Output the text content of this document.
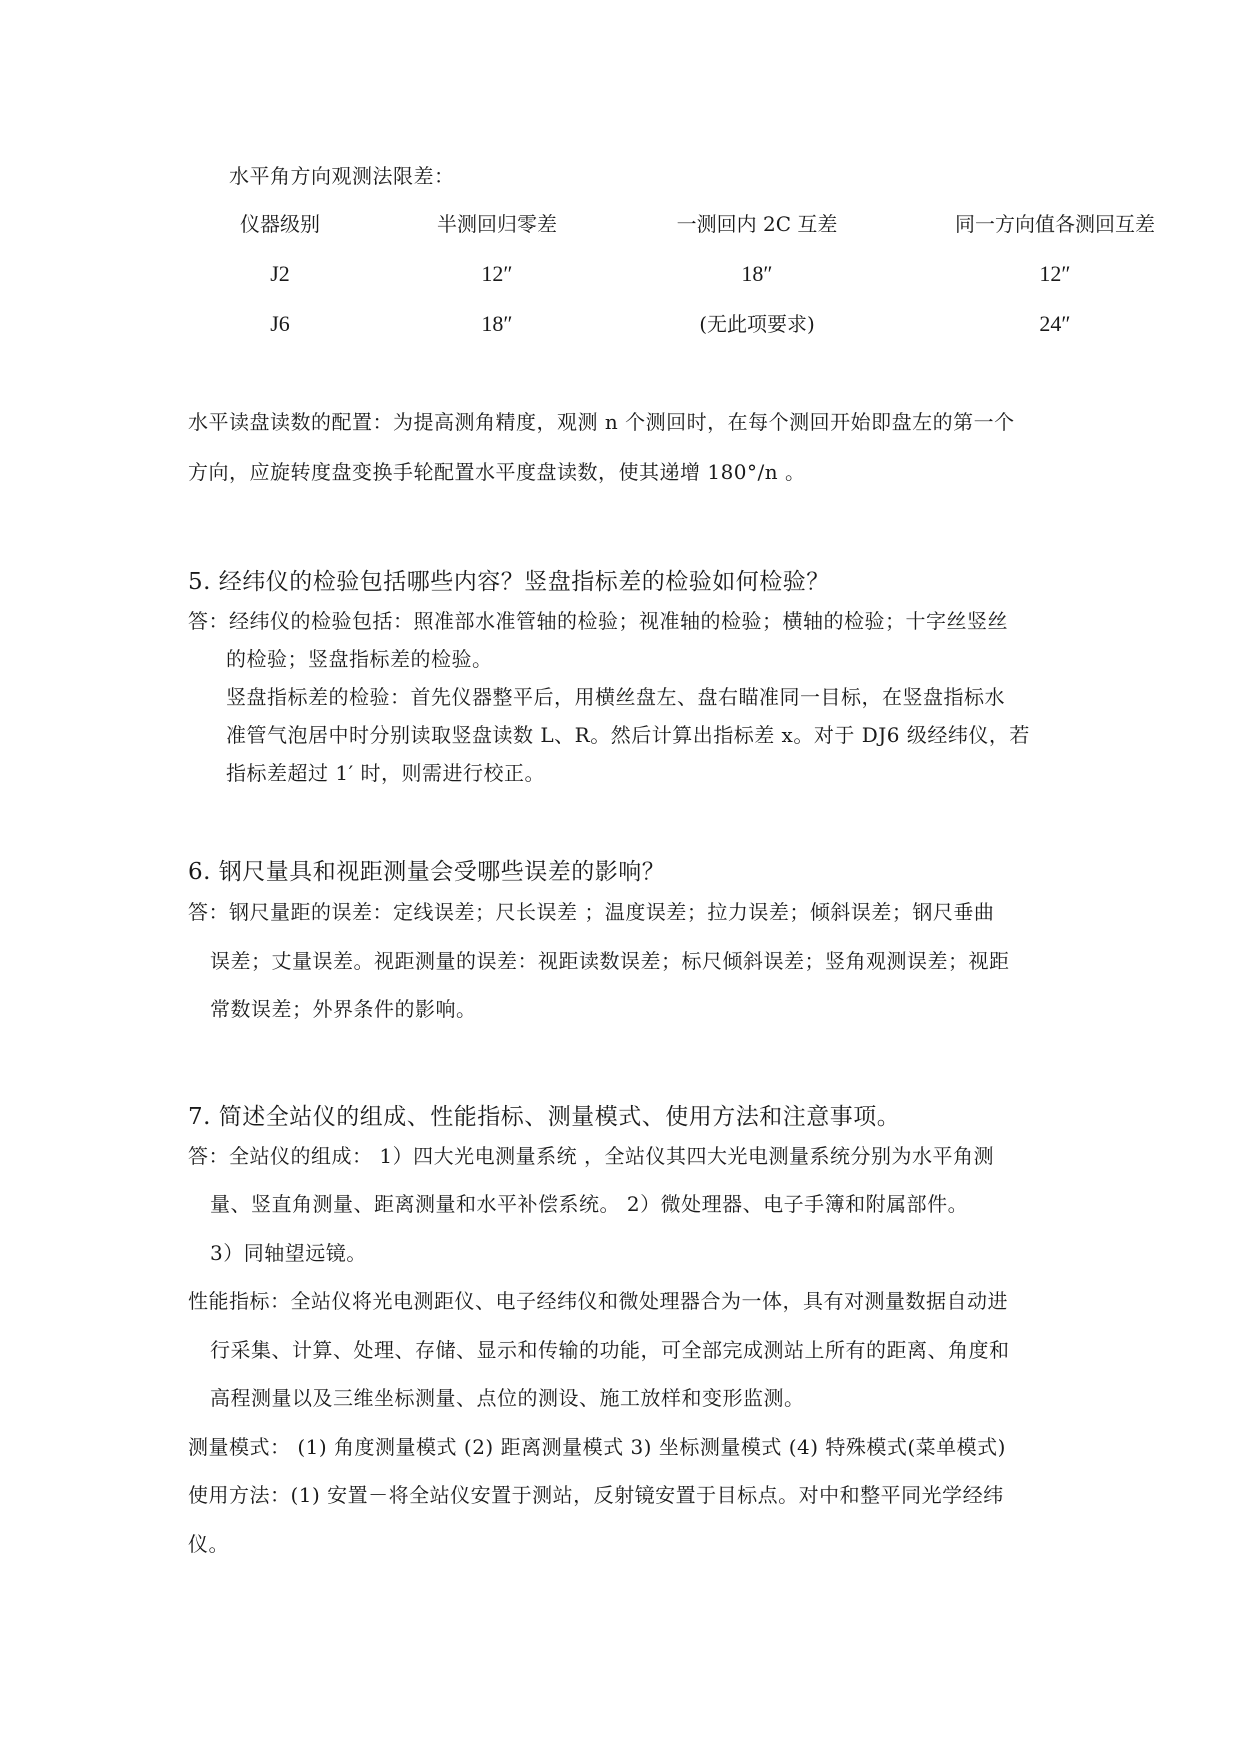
水平角方向观测法限差：
仪器级别	半测回归零差	一测回内 2C 互差	同一方向值各测回互差
J2	12″	18″	12″
J6	18″	(无此项要求)	24″
水平读盘读数的配置：为提高测角精度，观测 n 个测回时，在每个测回开始即盘左的第一个
方向，应旋转度盘变换手轮配置水平度盘读数，使其递增 180°/n 。
5. 经纬仪的检验包括哪些内容？竖盘指标差的检验如何检验？
答：经纬仪的检验包括：照准部水准管轴的检验；视准轴的检验；横轴的检验；十字丝竖丝
的检验；竖盘指标差的检验。
竖盘指标差的检验：首先仪器整平后，用横丝盘左、盘右瞄准同一目标，在竖盘指标水
准管气泡居中时分别读取竖盘读数 L、R。然后计算出指标差 x。对于 DJ6 级经纬仪，若
指标差超过 1′ 时，则需进行校正。
6. 钢尺量具和视距测量会受哪些误差的影响？
答：钢尺量距的误差：定线误差；尺长误差 ；温度误差；拉力误差；倾斜误差；钢尺垂曲
误差；丈量误差。视距测量的误差：视距读数误差；标尺倾斜误差；竖角观测误差；视距
常数误差；外界条件的影响。
7. 简述全站仪的组成、性能指标、测量模式、使用方法和注意事项。
答：全站仪的组成： 1）四大光电测量系统 ，全站仪其四大光电测量系统分别为水平角测
量、竖直角测量、距离测量和水平补偿系统。 2）微处理器、电子手簿和附属部件。
3）同轴望远镜。
性能指标：全站仪将光电测距仪、电子经纬仪和微处理器合为一体，具有对测量数据自动进
行采集、计算、处理、存储、显示和传输的功能，可全部完成测站上所有的距离、角度和
高程测量以及三维坐标测量、点位的测设、施工放样和变形监测。
测量模式： (1) 角度测量模式 (2) 距离测量模式 3) 坐标测量模式 (4) 特殊模式(菜单模式)
使用方法：(1) 安置－将全站仪安置于测站，反射镜安置于目标点。对中和整平同光学经纬
仪。
